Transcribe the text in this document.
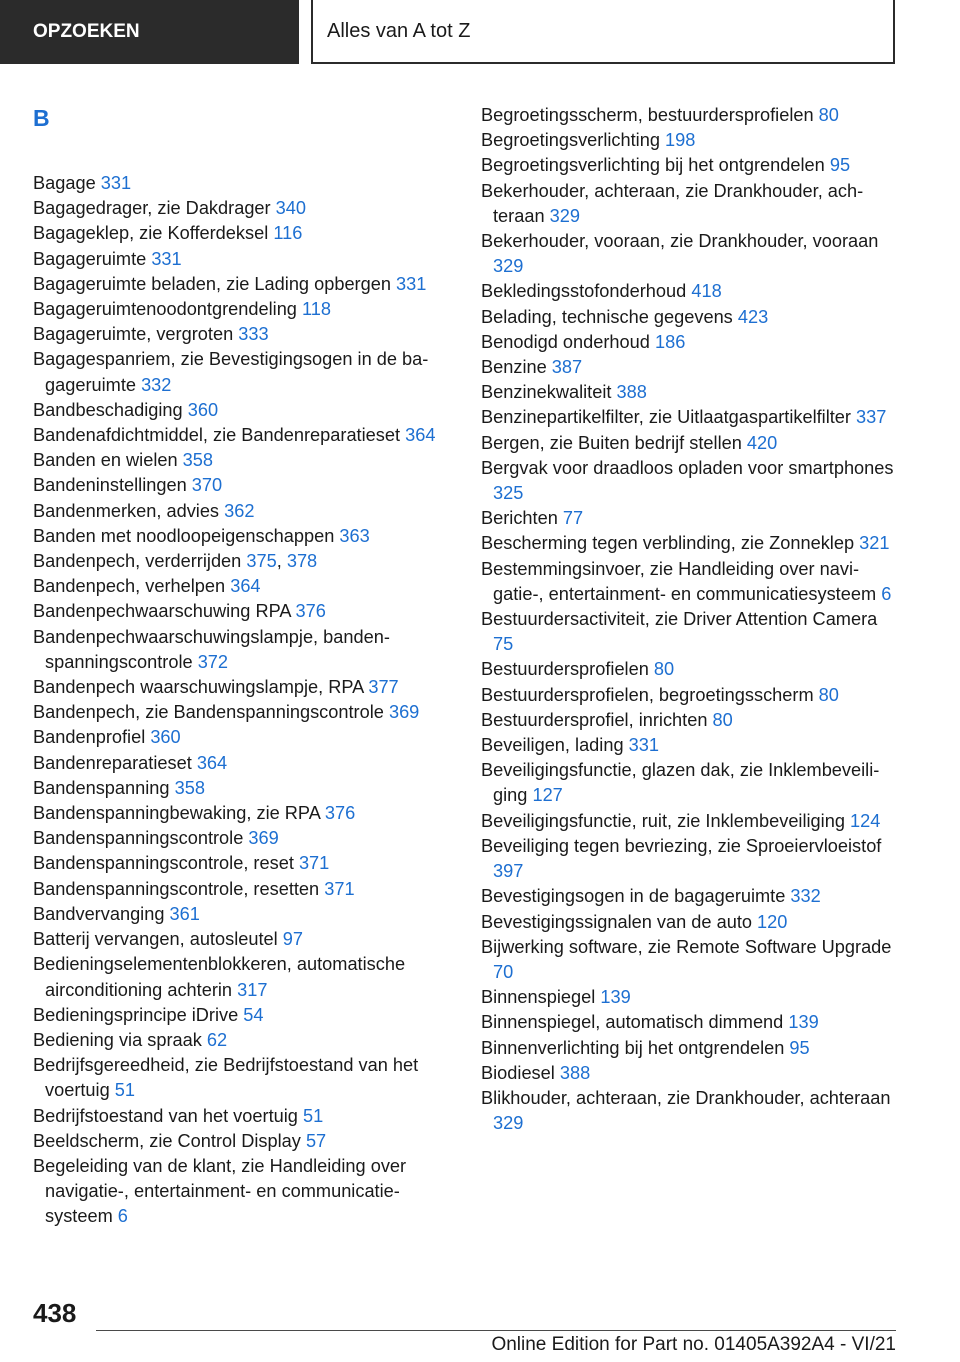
OPZOEKEN	Alles van A tot Z
B
Bagage 331
Bagagedrager, zie Dakdrager 340
Bagageklep, zie Kofferdeksel 116
Bagageruimte 331
Bagageruimte beladen, zie Lading opbergen 331
Bagageruimtenoodontgrendeling 118
Bagageruimte, vergroten 333
Bagagespanriem, zie Bevestigingsogen in de bagageruimte 332
Bandbeschadiging 360
Bandenafdichtmiddel, zie Bandenreparatieset 364
Banden en wielen 358
Bandeninstellingen 370
Bandenmerken, advies 362
Banden met noodloopeigenschappen 363
Bandenpech, verderrijden 375, 378
Bandenpech, verhelpen 364
Bandenpechwaarschuwing RPA 376
Bandenpechwaarschuwingslampje, bandenspanningscontrole 372
Bandenpech waarschuwingslampje, RPA 377
Bandenpech, zie Bandenspanningscontrole 369
Bandenprofiel 360
Bandenreparatieset 364
Bandenspanning 358
Bandenspanningbewaking, zie RPA 376
Bandenspanningscontrole 369
Bandenspanningscontrole, reset 371
Bandenspanningscontrole, resetten 371
Bandvervanging 361
Batterij vervangen, autosleutel 97
Bedieningselementenblokkeren, automatische airconditioning achterin 317
Bedieningsprincipe iDrive 54
Bediening via spraak 62
Bedrijfsgereedheid, zie Bedrijfstoestand van het voertuig 51
Bedrijfstoestand van het voertuig 51
Beeldscherm, zie Control Display 57
Begeleiding van de klant, zie Handleiding over navigatie-, entertainment- en communicatiesysteem 6
Begroetingsscherm, bestuurdersprofielen 80
Begroetingsverlichting 198
Begroetingsverlichting bij het ontgrendelen 95
Bekerhouder, achteraan, zie Drankhouder, achteraan 329
Bekerhouder, vooraan, zie Drankhouder, vooraan 329
Bekledingsstofonderhoud 418
Belading, technische gegevens 423
Benodigd onderhoud 186
Benzine 387
Benzinekwaliteit 388
Benzinepartikelfilter, zie Uitlaatgaspartikelfilter 337
Bergen, zie Buiten bedrijf stellen 420
Bergvak voor draadloos opladen voor smartphones 325
Berichten 77
Bescherming tegen verblinding, zie Zonneklep 321
Bestemmingsinvoer, zie Handleiding over navigatie-, entertainment- en communicatiesysteem 6
Bestuurdersactiviteit, zie Driver Attention Camera 75
Bestuurdersprofielen 80
Bestuurdersprofielen, begroetingsscherm 80
Bestuurdersprofiel, inrichten 80
Beveiligen, lading 331
Beveiligingsfunctie, glazen dak, zie Inklembeveiliging 127
Beveiligingsfunctie, ruit, zie Inklembeveiliging 124
Beveiliging tegen bevriezing, zie Sproeiervloeistof 397
Bevestigingsogen in de bagageruimte 332
Bevestigingssignalen van de auto 120
Bijwerking software, zie Remote Software Upgrade 70
Binnenspiegel 139
Binnenspiegel, automatisch dimmend 139
Binnenverlichting bij het ontgrendelen 95
Biodiesel 388
Blikhouder, achteraan, zie Drankhouder, achteraan 329
438
Online Edition for Part no. 01405A392A4 - VI/21
